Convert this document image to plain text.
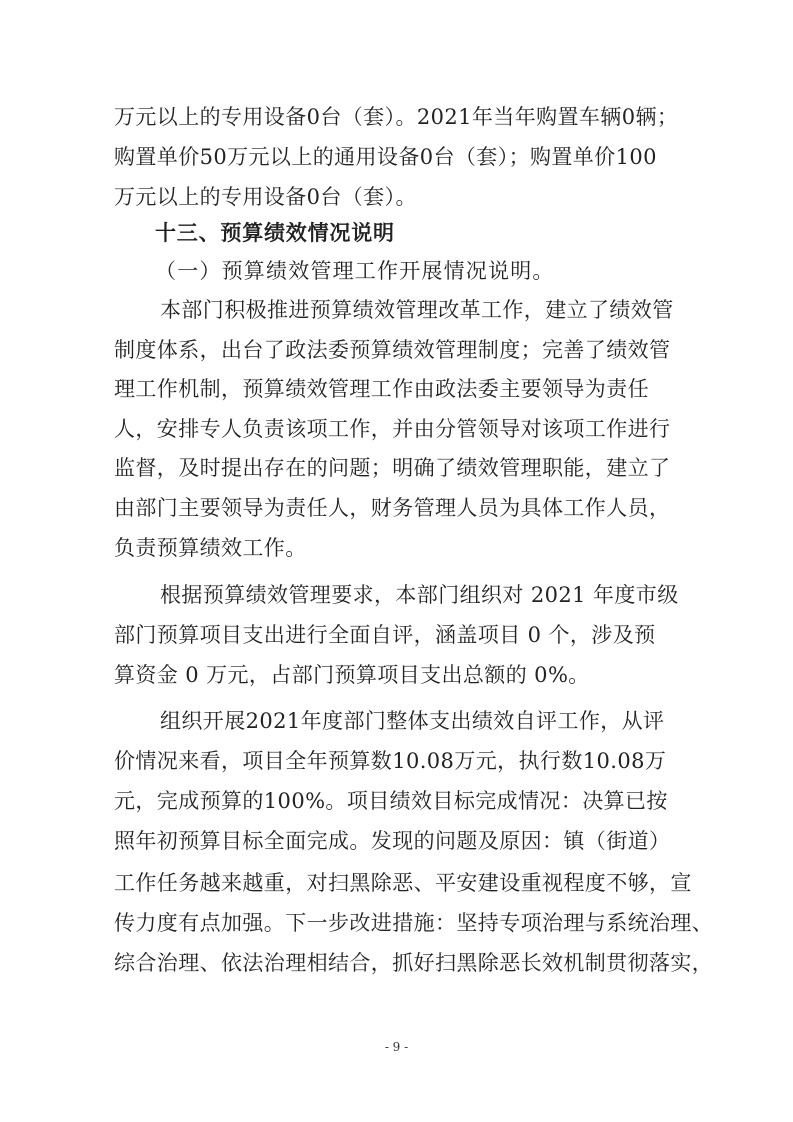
万元以上的专用设备0台（套）。2021年当年购置车辆0辆；
购置单价50万元以上的通用设备0台（套）；购置单价100
万元以上的专用设备0台（套）。
十三、预算绩效情况说明
（一）预算绩效管理工作开展情况说明。
本部门积极推进预算绩效管理改革工作，建立了绩效管
制度体系，出台了政法委预算绩效管理制度；完善了绩效管
理工作机制，预算绩效管理工作由政法委主要领导为责任
人，安排专人负责该项工作，并由分管领导对该项工作进行
监督，及时提出存在的问题；明确了绩效管理职能，建立了
由部门主要领导为责任人，财务管理人员为具体工作人员，
负责预算绩效工作。
根据预算绩效管理要求，本部门组织对 2021 年度市级
部门预算项目支出进行全面自评，涵盖项目 0 个，涉及预
算资金 0 万元，占部门预算项目支出总额的 0%。
组织开展2021年度部门整体支出绩效自评工作，从评
价情况来看，项目全年预算数10.08万元，执行数10.08万
元，完成预算的100%。项目绩效目标完成情况：决算已按
照年初预算目标全面完成。发现的问题及原因：镇（街道）
工作任务越来越重，对扫黑除恶、平安建设重视程度不够，宣
传力度有点加强。下一步改进措施：坚持专项治理与系统治理、
综合治理、依法治理相结合，抓好扫黑除恶长效机制贯彻落实，
- 9 -
